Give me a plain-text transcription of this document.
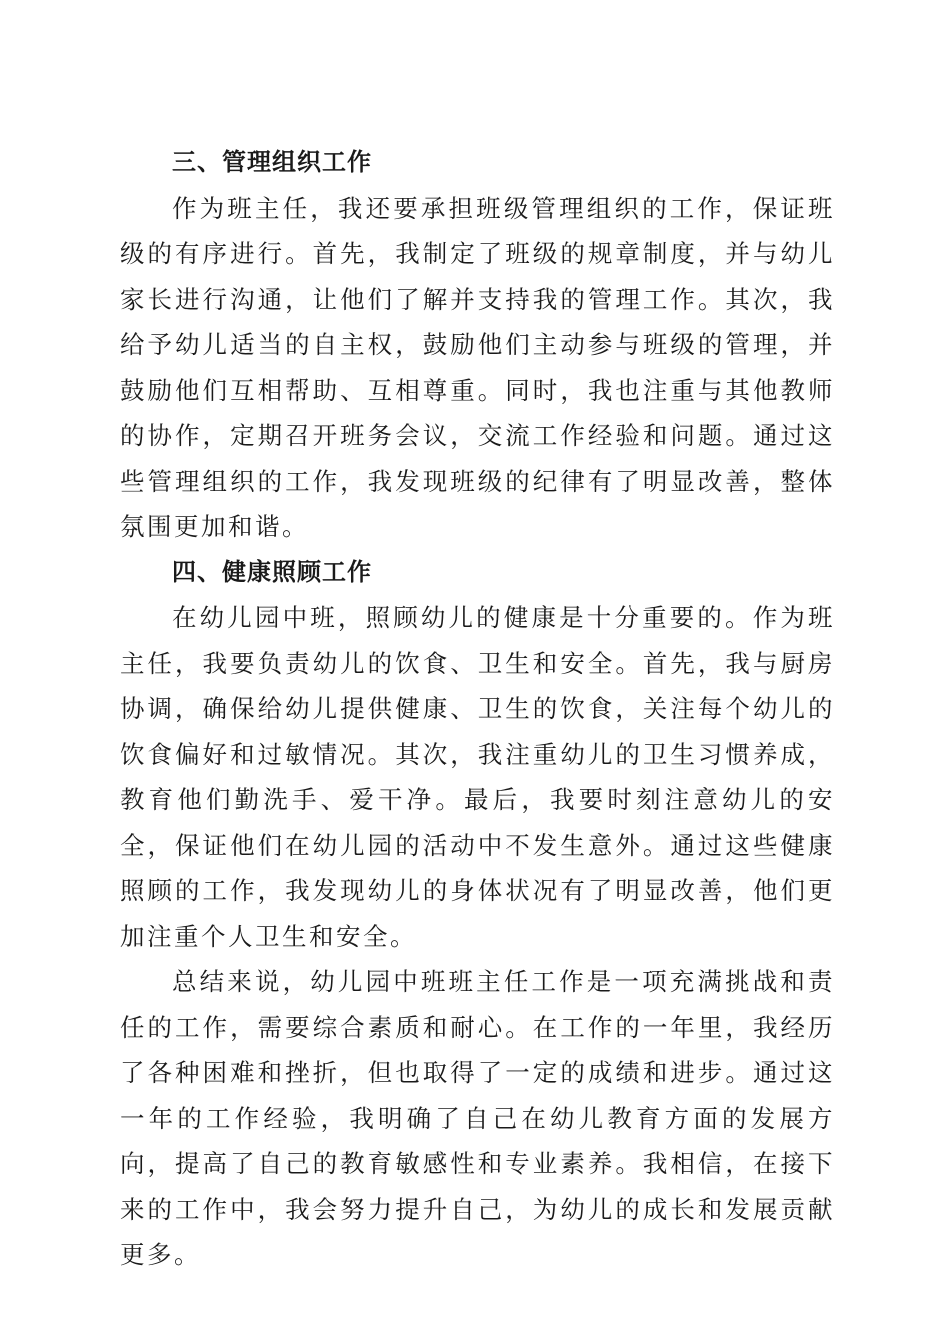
三、管理组织工作

作为班主任，我还要承担班级管理组织的工作，保证班级的有序进行。首先，我制定了班级的规章制度，并与幼儿家长进行沟通，让他们了解并支持我的管理工作。其次，我给予幼儿适当的自主权，鼓励他们主动参与班级的管理，并鼓励他们互相帮助、互相尊重。同时，我也注重与其他教师的协作，定期召开班务会议，交流工作经验和问题。通过这些管理组织的工作，我发现班级的纪律有了明显改善，整体氛围更加和谐。

四、健康照顾工作

在幼儿园中班，照顾幼儿的健康是十分重要的。作为班主任，我要负责幼儿的饮食、卫生和安全。首先，我与厨房协调，确保给幼儿提供健康、卫生的饮食，关注每个幼儿的饮食偏好和过敏情况。其次，我注重幼儿的卫生习惯养成，教育他们勤洗手、爱干净。最后，我要时刻注意幼儿的安全，保证他们在幼儿园的活动中不发生意外。通过这些健康照顾的工作，我发现幼儿的身体状况有了明显改善，他们更加注重个人卫生和安全。

总结来说，幼儿园中班班主任工作是一项充满挑战和责任的工作，需要综合素质和耐心。在工作的一年里，我经历了各种困难和挫折，但也取得了一定的成绩和进步。通过这一年的工作经验，我明确了自己在幼儿教育方面的发展方向，提高了自己的教育敏感性和专业素养。我相信，在接下来的工作中，我会努力提升自己，为幼儿的成长和发展贡献更多。
